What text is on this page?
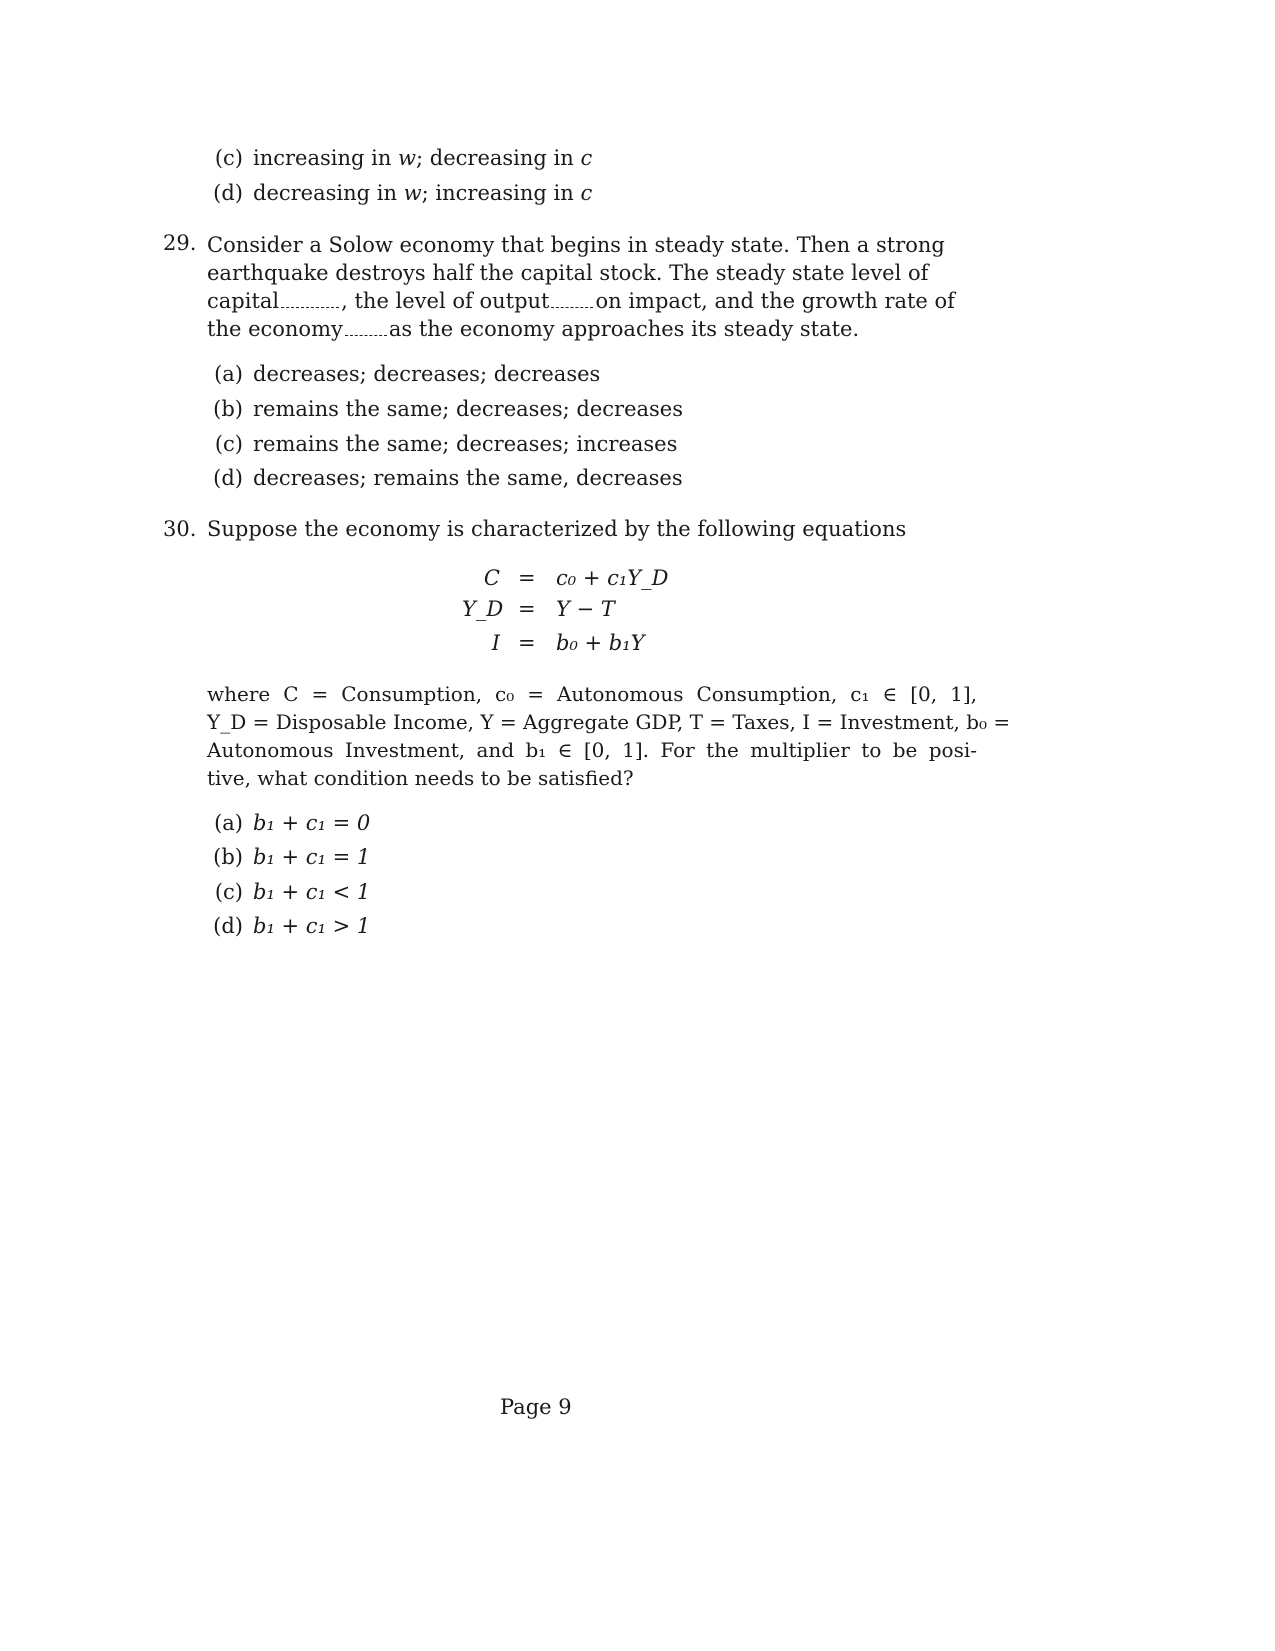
(c) increasing in w; decreasing in c
(d) decreasing in w; increasing in c
29. Consider a Solow economy that begins in steady state. Then a strong
earthquake destroys half the capital stock. The steady state level of
capital	, the level of output on impact, and the growth rate of
the economy as the economy approaches its steady state.
(a) decreases; decreases; decreases
(b) remains the same; decreases; decreases
(c) remains the same; decreases; increases
(d) decreases; remains the same, decreases
30. Suppose the economy is characterized by the following equations
C = c₀ + c₁Y_D
Y_D = Y − T
I = b₀ + b₁Y
where C = Consumption, c₀ = Autonomous Consumption, c₁ ∈ [0, 1],
Y_D = Disposable Income, Y = Aggregate GDP, T = Taxes, I = Investment, b₀ =
Autonomous Investment, and b₁ ∈ [0, 1]. For the multiplier to be posi-
tive, what condition needs to be satisfied?
(a) b₁ + c₁ = 0
(b) b₁ + c₁ = 1
(c) b₁ + c₁ < 1
(d) b₁ + c₁ > 1
Page 9
